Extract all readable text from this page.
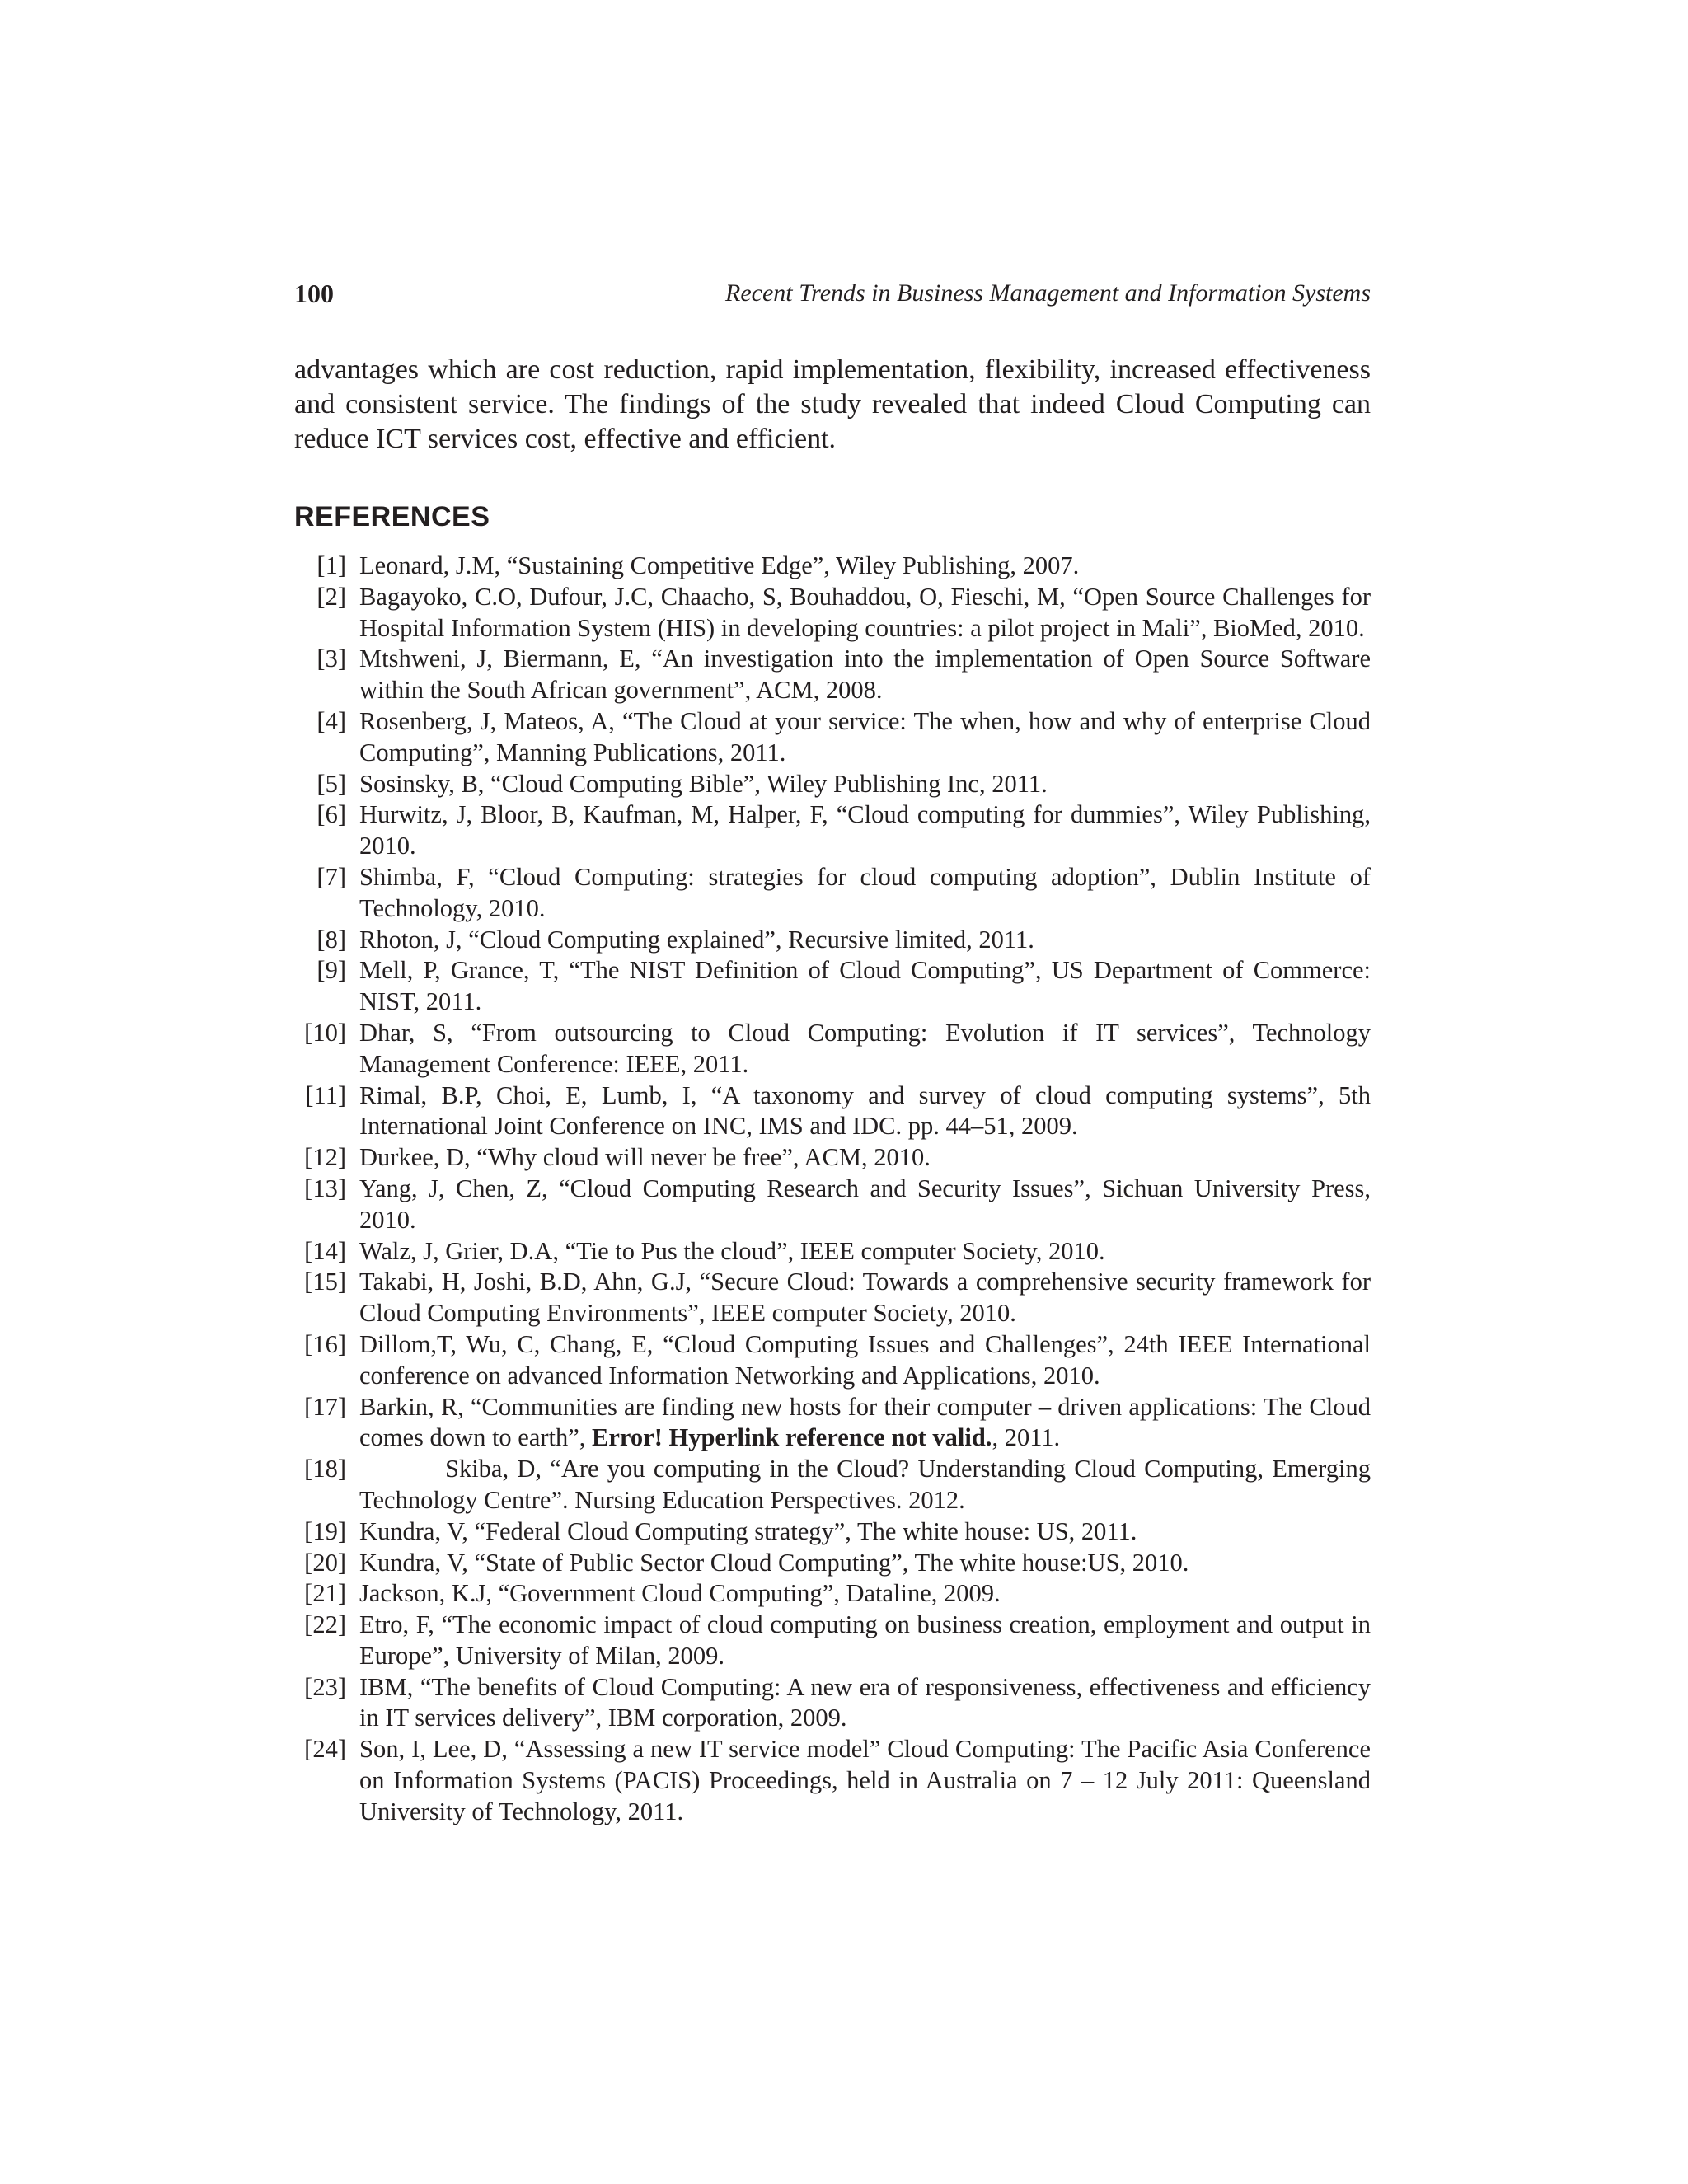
100	Recent Trends in Business Management and Information Systems

advantages which are cost reduction, rapid implementation, flexibility, increased effectiveness and consistent service. The findings of the study revealed that indeed Cloud Computing can reduce ICT services cost, effective and efficient.

REFERENCES
[1] Leonard, J.M, “Sustaining Competitive Edge”, Wiley Publishing, 2007.
[2] Bagayoko, C.O, Dufour, J.C, Chaacho, S, Bouhaddou, O, Fieschi, M, “Open Source Challenges for Hospital Information System (HIS) in developing countries: a pilot project in Mali”, BioMed, 2010.
[3] Mtshweni, J, Biermann, E, “An investigation into the implementation of Open Source Software within the South African government”, ACM, 2008.
[4] Rosenberg, J, Mateos, A, “The Cloud at your service: The when, how and why of enterprise Cloud Computing”, Manning Publications, 2011.
[5] Sosinsky, B, “Cloud Computing Bible”, Wiley Publishing Inc, 2011.
[6] Hurwitz, J, Bloor, B, Kaufman, M, Halper, F, “Cloud computing for dummies”, Wiley Publishing, 2010.
[7] Shimba, F, “Cloud Computing: strategies for cloud computing adoption”, Dublin Institute of Technology, 2010.
[8] Rhoton, J, “Cloud Computing explained”, Recursive limited, 2011.
[9] Mell, P, Grance, T, “The NIST Definition of Cloud Computing”, US Department of Commerce: NIST, 2011.
[10] Dhar, S, “From outsourcing to Cloud Computing: Evolution if IT services”, Technology Management Conference: IEEE, 2011.
[11] Rimal, B.P, Choi, E, Lumb, I, “A taxonomy and survey of cloud computing systems”, 5th International Joint Conference on INC, IMS and IDC. pp. 44–51, 2009.
[12] Durkee, D, “Why cloud will never be free”, ACM, 2010.
[13] Yang, J, Chen, Z, “Cloud Computing Research and Security Issues”, Sichuan University Press, 2010.
[14] Walz, J, Grier, D.A, “Tie to Pus the cloud”, IEEE computer Society, 2010.
[15] Takabi, H, Joshi, B.D, Ahn, G.J, “Secure Cloud: Towards a comprehensive security framework for Cloud Computing Environments”, IEEE computer Society, 2010.
[16] Dillom,T, Wu, C, Chang, E, “Cloud Computing Issues and Challenges”, 24th IEEE International conference on advanced Information Networking and Applications, 2010.
[17] Barkin, R, “Communities are finding new hosts for their computer – driven applications: The Cloud comes down to earth”, Error! Hyperlink reference not valid., 2011.
[18]	Skiba, D, “Are you computing in the Cloud? Understanding Cloud Computing, Emerging Technology Centre”. Nursing Education Perspectives. 2012.
[19] Kundra, V, “Federal Cloud Computing strategy”, The white house: US, 2011.
[20] Kundra, V, “State of Public Sector Cloud Computing”, The white house:US, 2010.
[21] Jackson, K.J, “Government Cloud Computing”, Dataline, 2009.
[22] Etro, F, “The economic impact of cloud computing on business creation, employment and output in Europe”, University of Milan, 2009.
[23] IBM, “The benefits of Cloud Computing: A new era of responsiveness, effectiveness and efficiency in IT services delivery”, IBM corporation, 2009.
[24] Son, I, Lee, D, “Assessing a new IT service model” Cloud Computing: The Pacific Asia Conference on Information Systems (PACIS) Proceedings, held in Australia on 7 – 12 July 2011: Queensland University of Technology, 2011.
